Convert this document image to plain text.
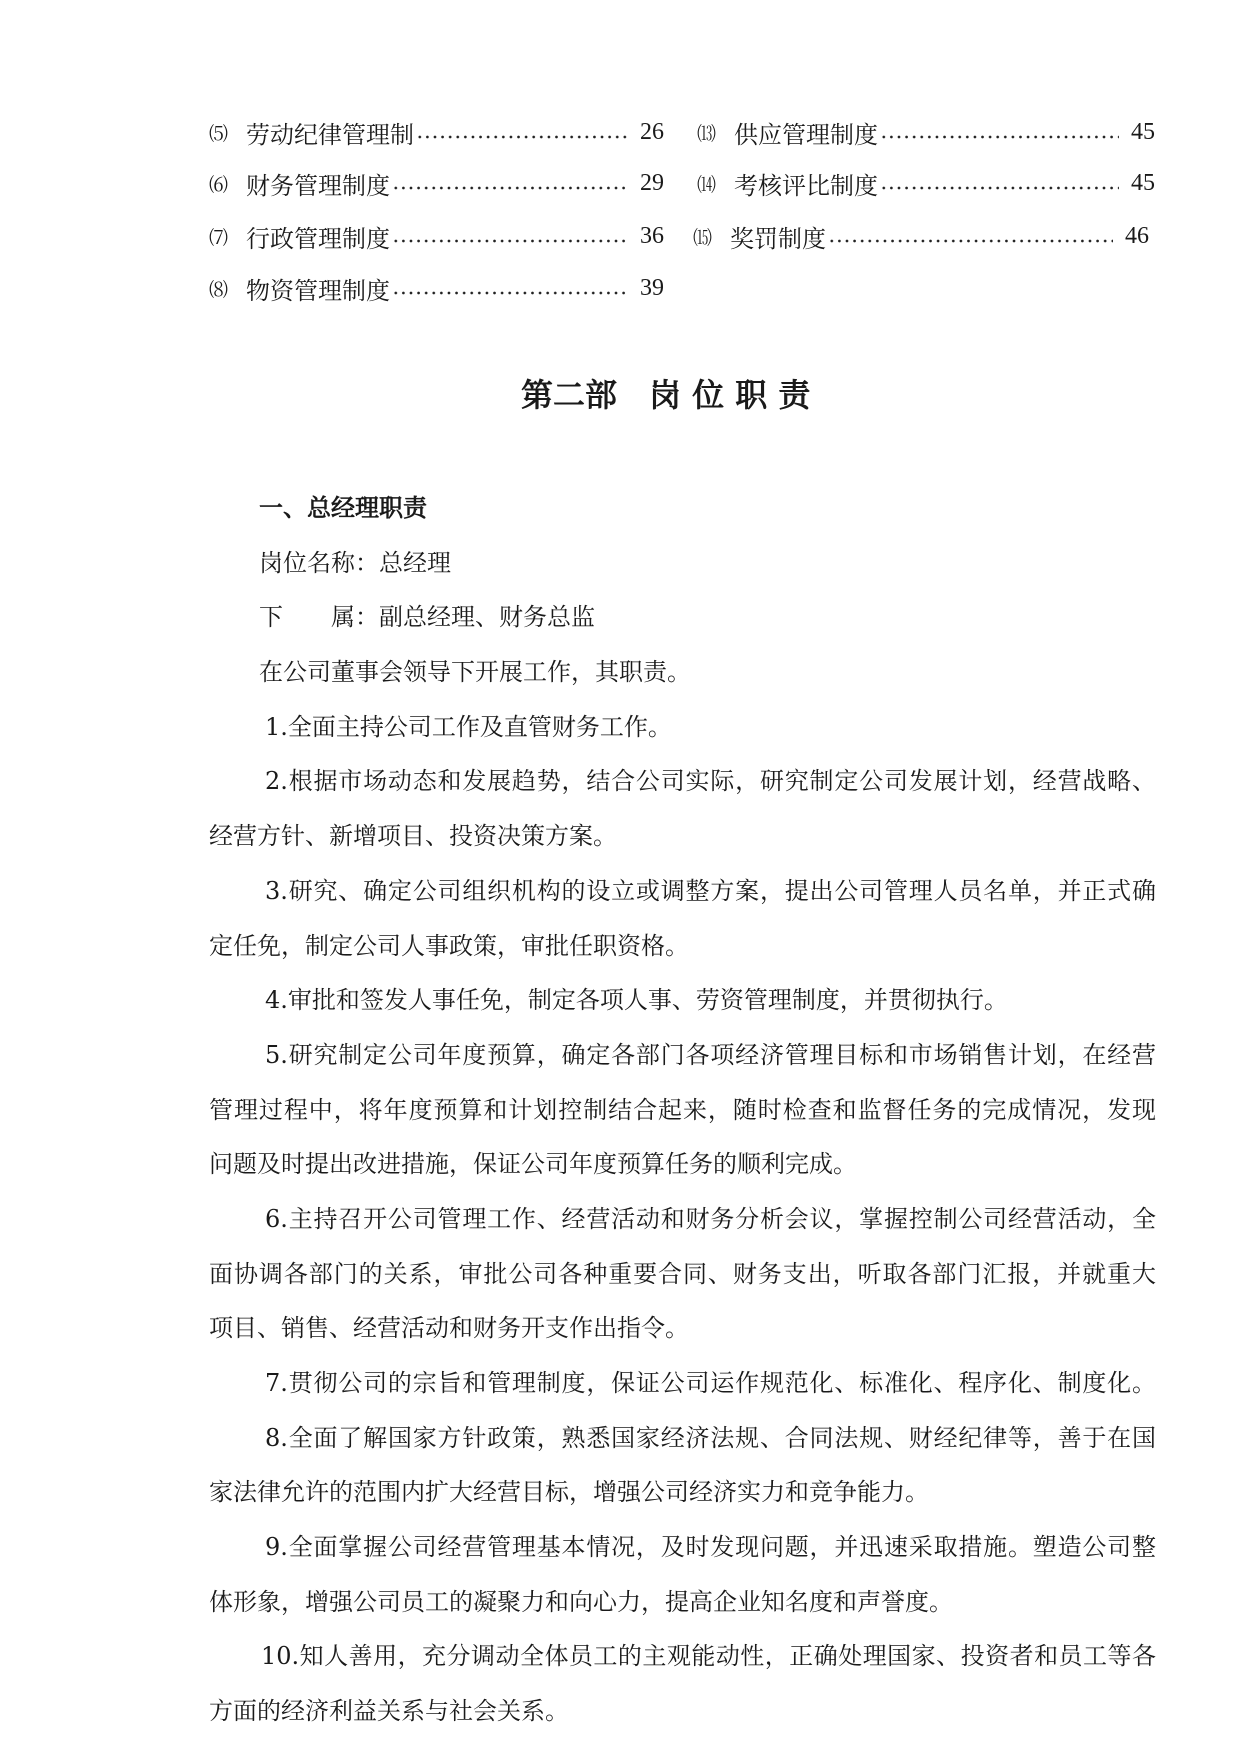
⑸ 劳动纪律管理制	26
⑹ 财务管理制度	29
⑺ 行政管理制度	36
⑻ 物资管理制度	39
⒀ 供应管理制度	45
⒁ 考核评比制度	45
⒂ 奖罚制度	46
第二部　岗 位 职 责
一、总经理职责
岗位名称：总经理
下　　属：副总经理、财务总监
在公司董事会领导下开展工作，其职责。
1.全面主持公司工作及直管财务工作。
2.根据市场动态和发展趋势，结合公司实际，研究制定公司发展计划，经营战略、
经营方针、新增项目、投资决策方案。
3.研究、确定公司组织机构的设立或调整方案，提出公司管理人员名单，并正式确
定任免，制定公司人事政策，审批任职资格。
4.审批和签发人事任免，制定各项人事、劳资管理制度，并贯彻执行。
5.研究制定公司年度预算，确定各部门各项经济管理目标和市场销售计划，在经营
管理过程中，将年度预算和计划控制结合起来，随时检查和监督任务的完成情况，发现
问题及时提出改进措施，保证公司年度预算任务的顺利完成。
6.主持召开公司管理工作、经营活动和财务分析会议，掌握控制公司经营活动，全
面协调各部门的关系，审批公司各种重要合同、财务支出，听取各部门汇报，并就重大
项目、销售、经营活动和财务开支作出指令。
7.贯彻公司的宗旨和管理制度，保证公司运作规范化、标准化、程序化、制度化。
8.全面了解国家方针政策，熟悉国家经济法规、合同法规、财经纪律等，善于在国
家法律允许的范围内扩大经营目标，增强公司经济实力和竞争能力。
9.全面掌握公司经营管理基本情况，及时发现问题，并迅速采取措施。塑造公司整
体形象，增强公司员工的凝聚力和向心力，提高企业知名度和声誉度。
10.知人善用，充分调动全体员工的主观能动性，正确处理国家、投资者和员工等各
方面的经济利益关系与社会关系。
